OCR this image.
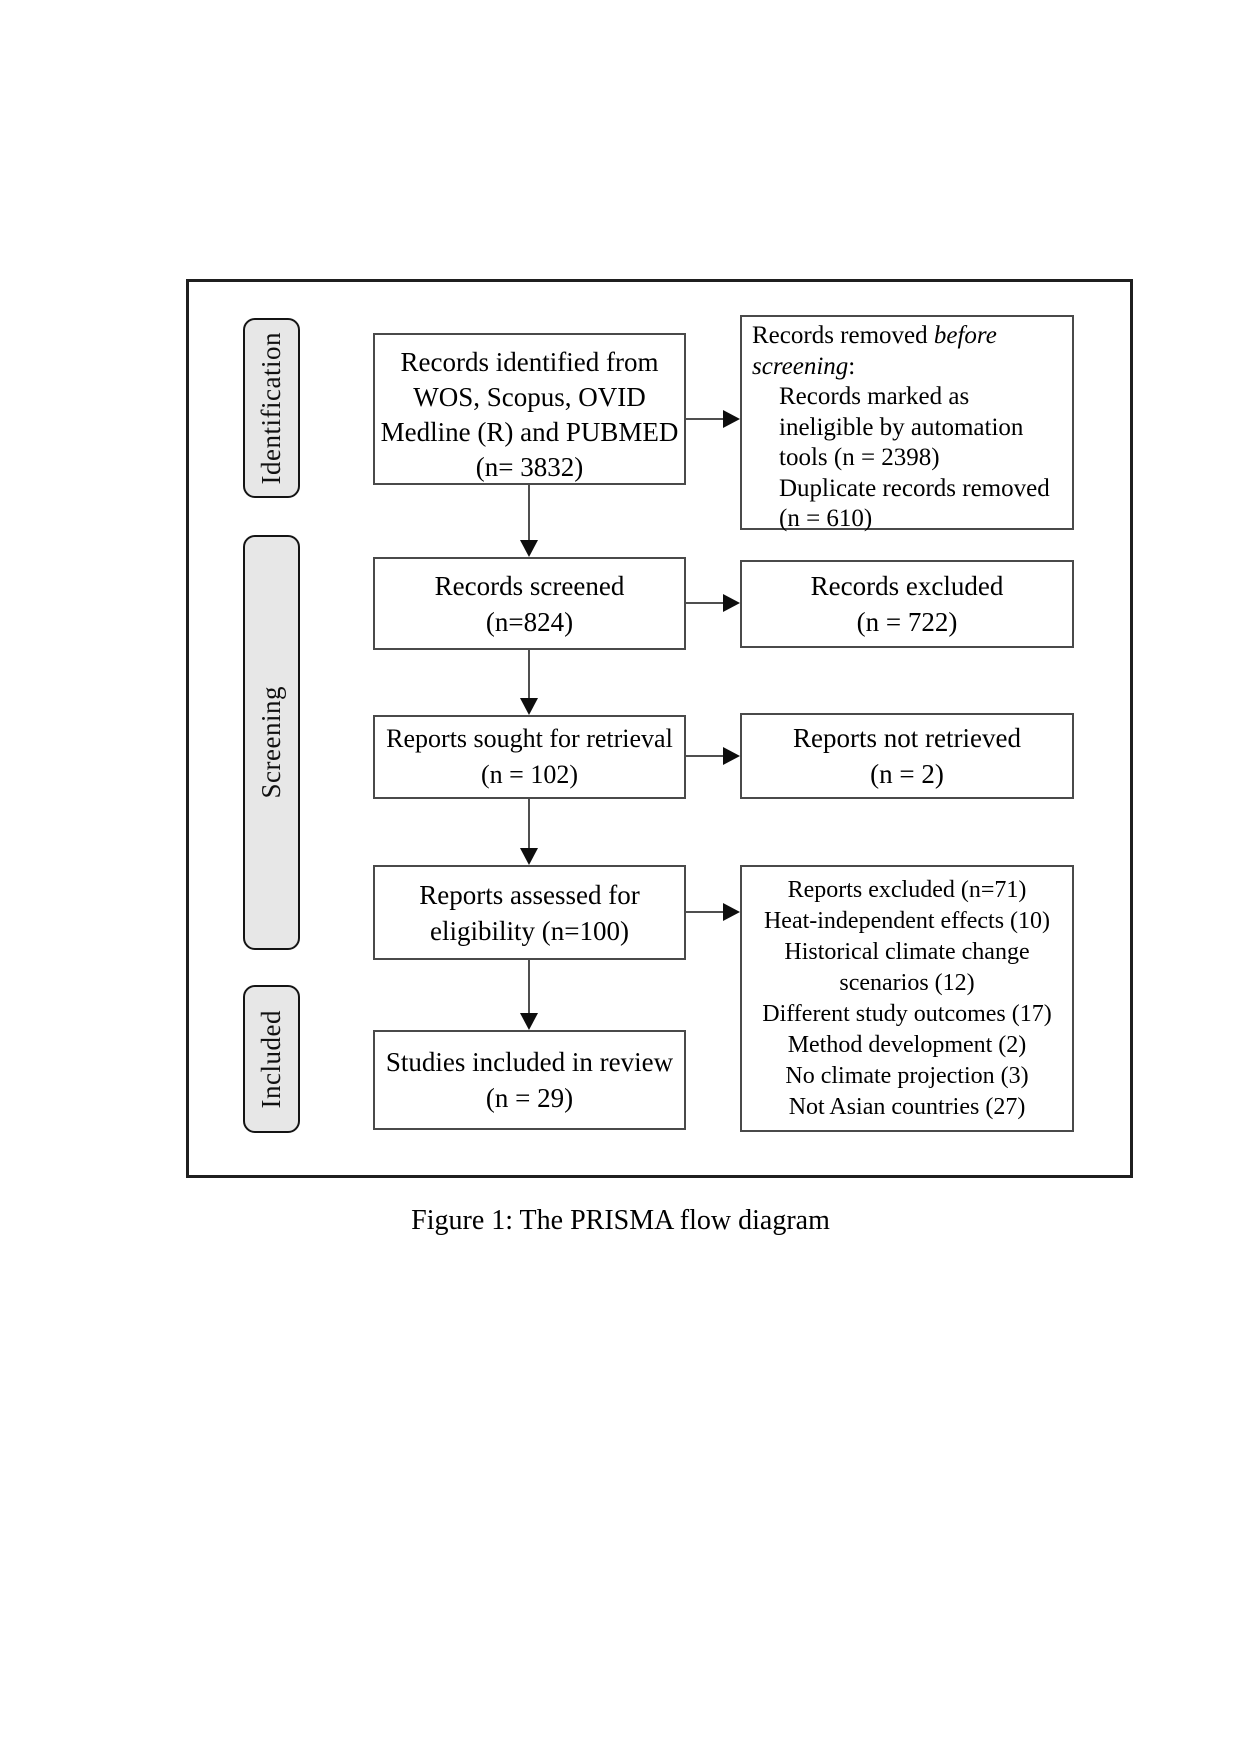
Identification
Screening
Included
Records identified from
WOS, Scopus, OVID
Medline (R) and PUBMED
(n= 3832)
Records screened
(n=824)
Reports sought for retrieval
(n = 102)
Reports assessed for
eligibility (n=100)
Studies included in review
(n = 29)
Records removed before
screening:
Records marked as
ineligible by automation
tools (n = 2398)
Duplicate records removed
(n = 610)
Records excluded
(n = 722)
Reports not retrieved
(n = 2)
Reports excluded (n=71)
Heat-independent effects (10)
Historical climate change
scenarios (12)
Different study outcomes (17)
Method development (2)
No climate projection (3)
Not Asian countries (27)
Figure 1: The PRISMA flow diagram
